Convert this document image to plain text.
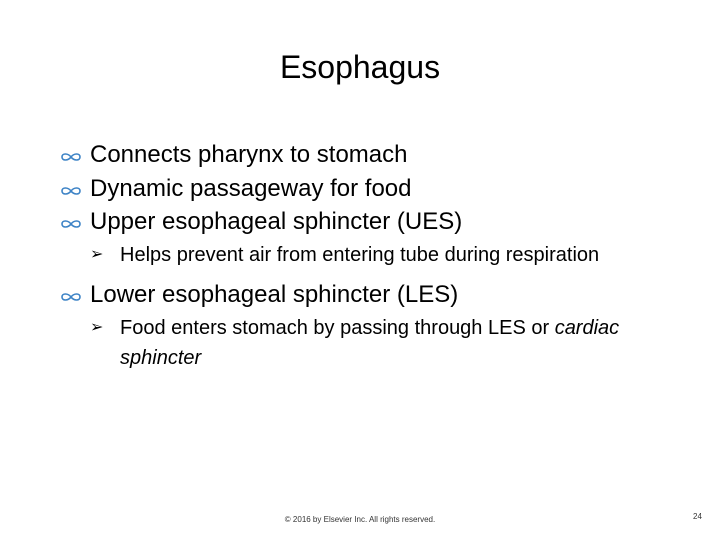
Esophagus
Connects pharynx to stomach
Dynamic passageway for food
Upper esophageal sphincter (UES)
➢ Helps prevent air from entering tube during respiration
Lower esophageal sphincter (LES)
➢ Food enters stomach by passing through LES or cardiac sphincter
© 2016 by Elsevier Inc. All rights reserved.	24
